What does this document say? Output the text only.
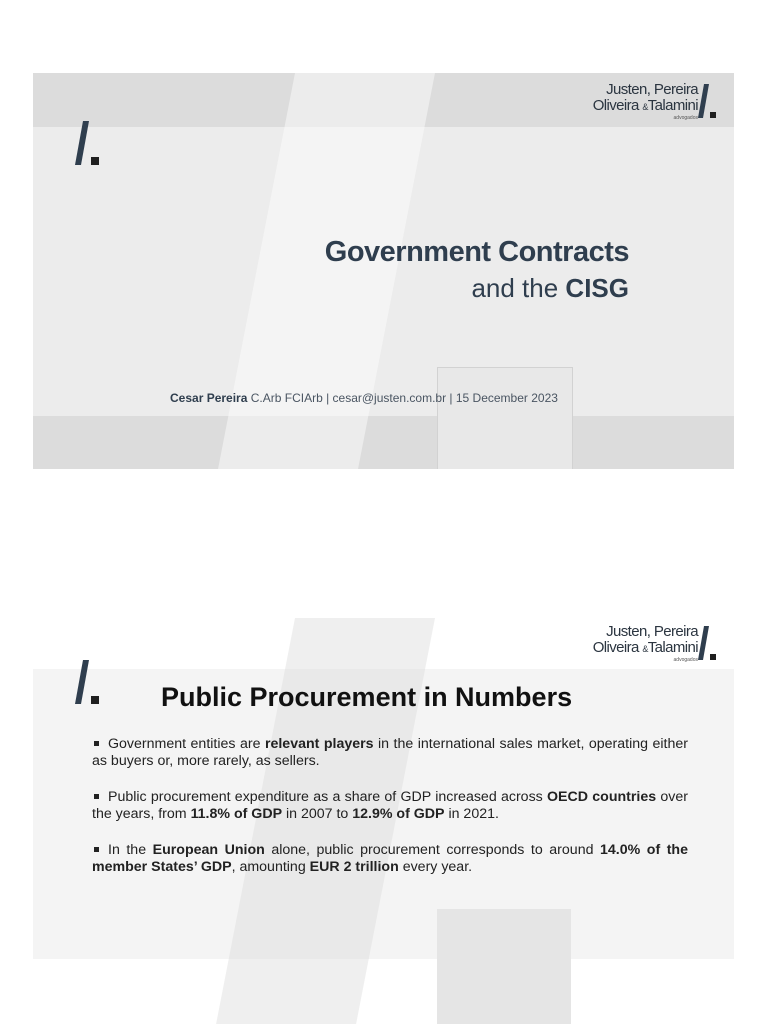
Justen, Pereira
Oliveira &Talamini
advogados
Government Contracts
and the CISG
Cesar Pereira C.Arb FCIArb | cesar@justen.com.br | 15 December 2023
Justen, Pereira
Oliveira &Talamini
advogados
Public Procurement in Numbers
Government entities are relevant players in the international sales market, operating either as buyers or, more rarely, as sellers.
Public procurement expenditure as a share of GDP increased across OECD countries over the years, from 11.8% of GDP in 2007 to 12.9% of GDP in 2021.
In the European Union alone, public procurement corresponds to around 14.0% of the member States’ GDP, amounting EUR 2 trillion every year.
